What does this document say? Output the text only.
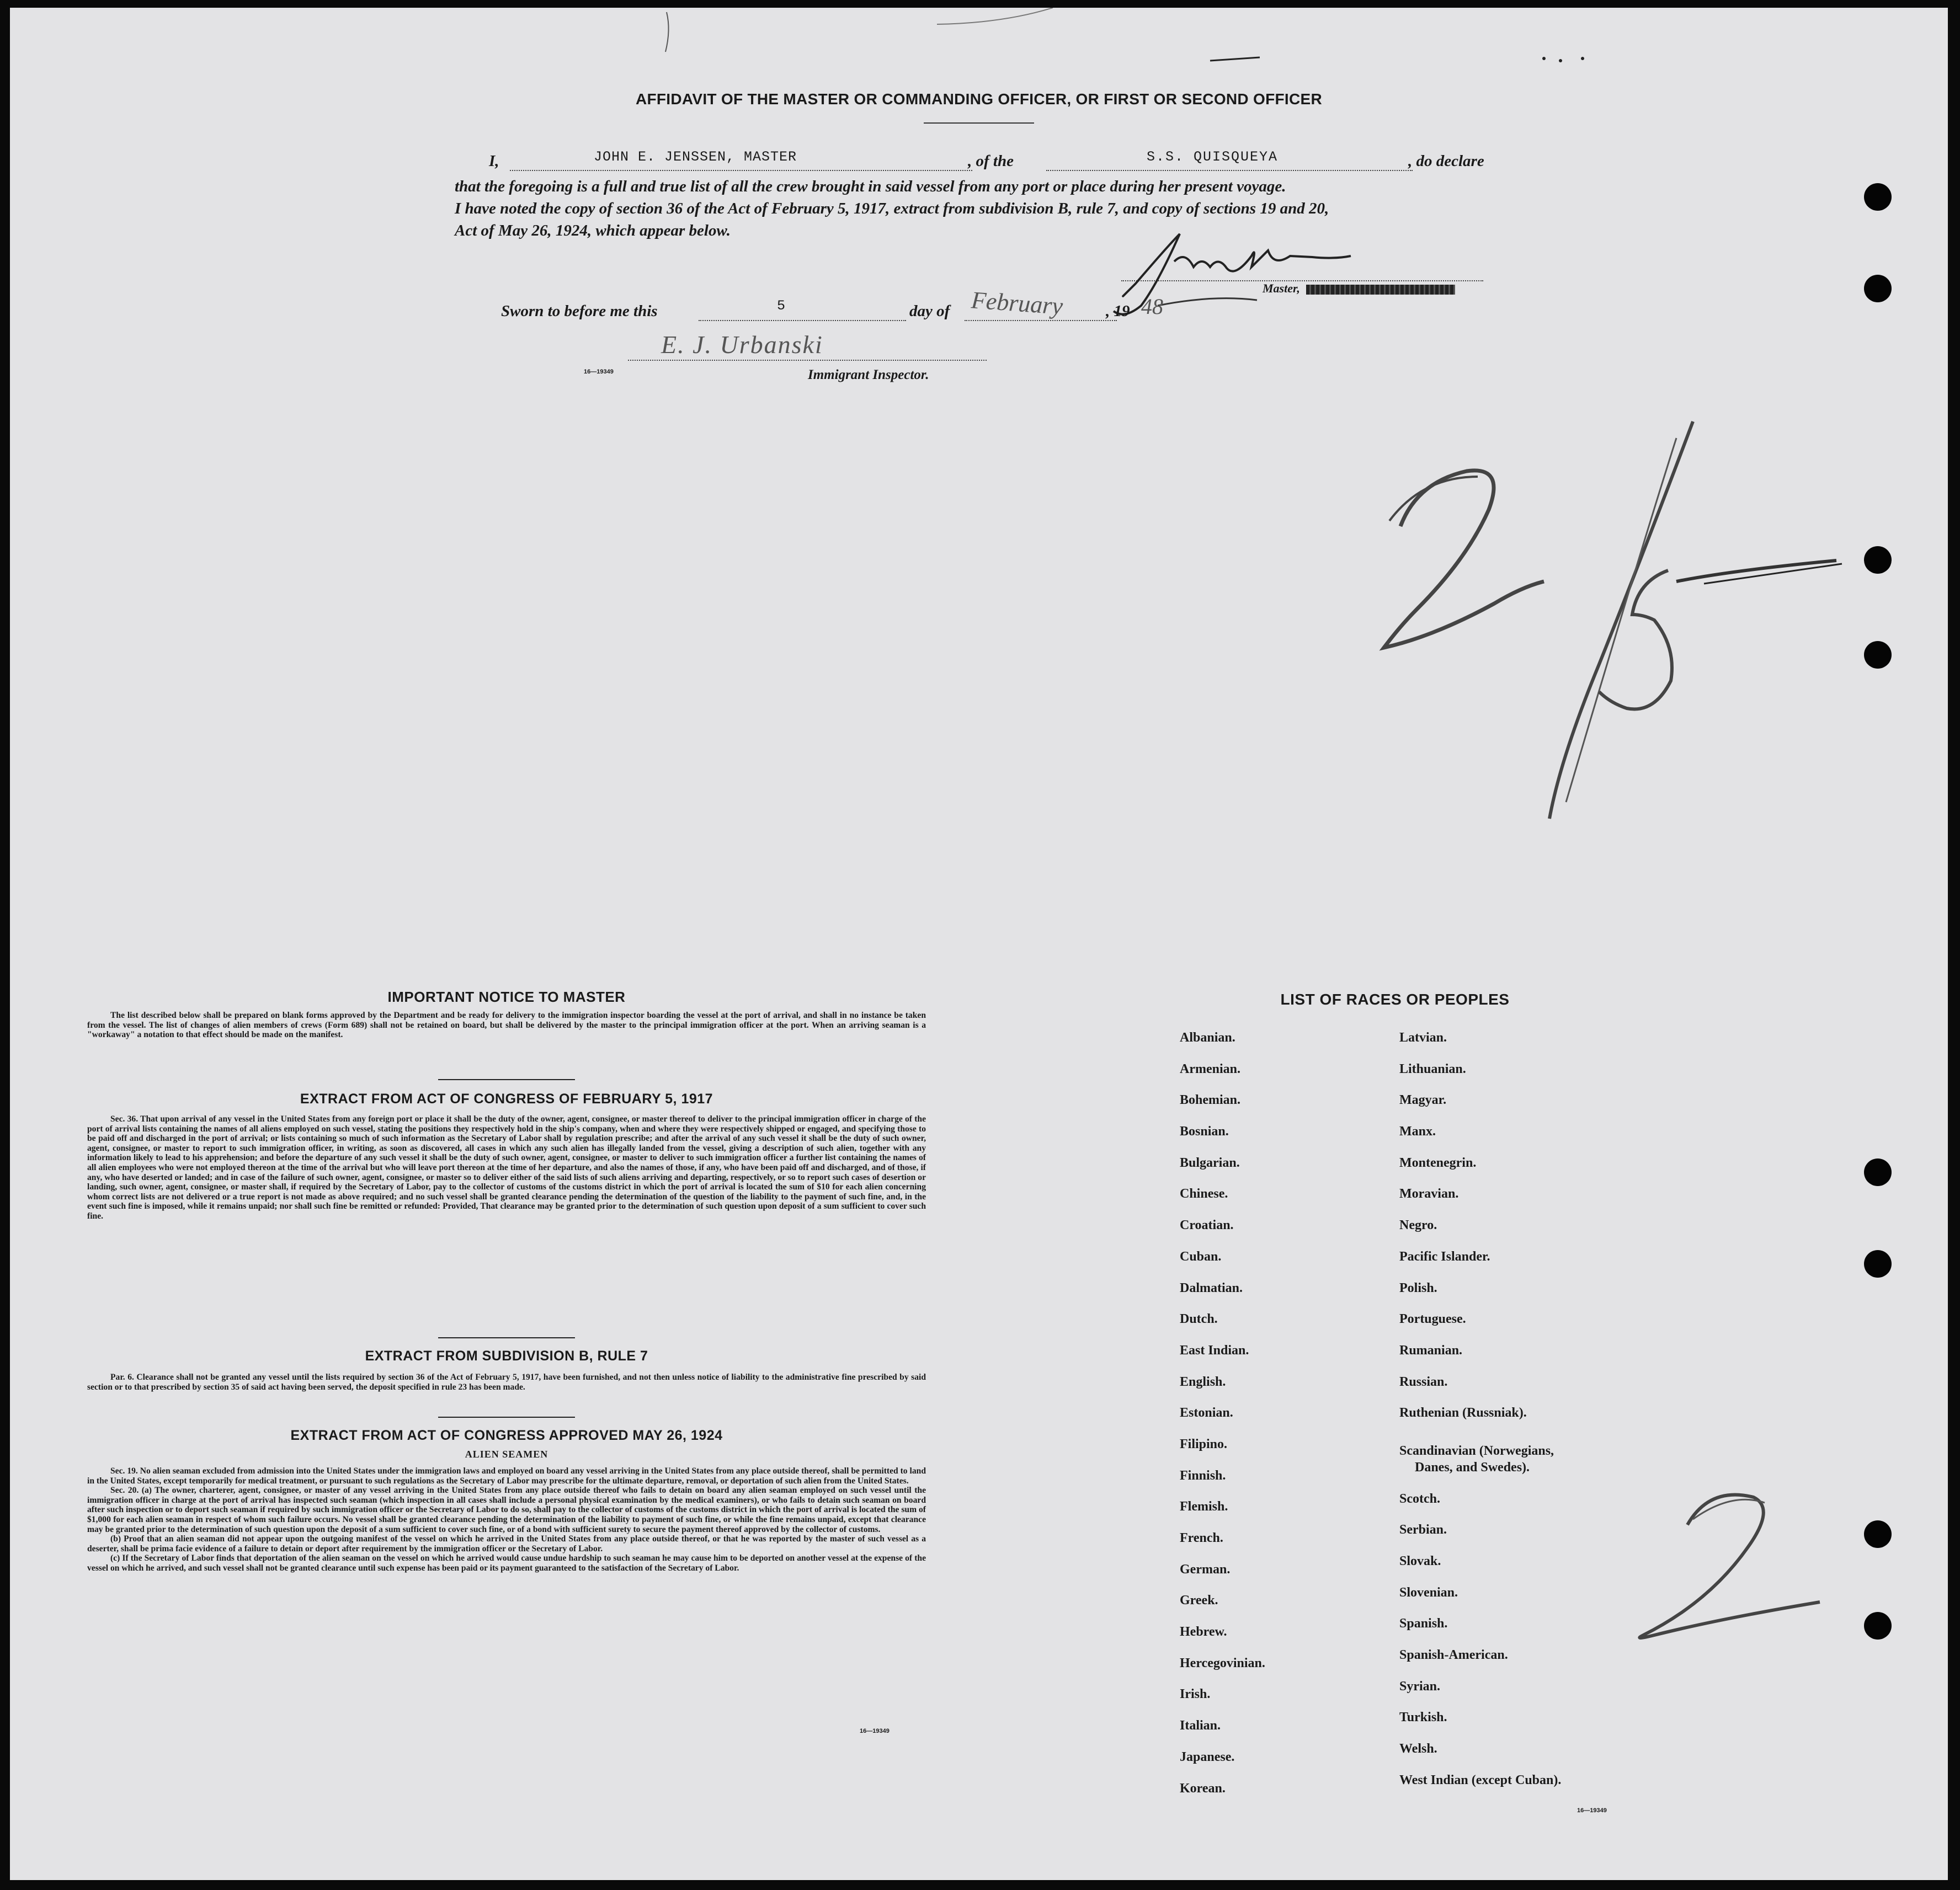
AFFIDAVIT OF THE MASTER OR COMMANDING OFFICER, OR FIRST OR SECOND OFFICER
I,	JOHN E. JENSSEN, MASTER	, of the	S.S. QUISQUEYA	, do declare
that the foregoing is a full and true list of all the crew brought in said vessel from any port or place during her present voyage.
I have noted the copy of section 36 of the Act of February 5, 1917, extract from subdivision B, rule 7, and copy of sections 19 and 20,
Act of May 26, 1924, which appear below.
Master,
Sworn to before me this	5	day of February	, 19 48
E. J. Urbanski
16—19349	Immigrant Inspector.
IMPORTANT NOTICE TO MASTER

The list described below shall be prepared on blank forms approved by the Department and be ready for delivery to the immigration inspector boarding the vessel at the port of arrival, and shall in no instance be taken from the vessel. The list of changes of alien members of crews (Form 689) shall not be retained on board, but shall be delivered by the master to the principal immigration officer at the port. When an arriving seaman is a "workaway" a notation to that effect should be made on the manifest.

EXTRACT FROM ACT OF CONGRESS OF FEBRUARY 5, 1917

Sec. 36. That upon arrival of any vessel in the United States from any foreign port or place it shall be the duty of the owner, agent, consignee, or master thereof to deliver to the principal immigration officer in charge of the port of arrival lists containing the names of all aliens employed on such vessel, stating the positions they respectively hold in the ship's company, when and where they were respectively shipped or engaged, and specifying those to be paid off and discharged in the port of arrival; or lists containing so much of such information as the Secretary of Labor shall by regulation prescribe; and after the arrival of any such vessel it shall be the duty of such owner, agent, consignee, or master to report to such immigration officer, in writing, as soon as discovered, all cases in which any such alien has illegally landed from the vessel, giving a description of such alien, together with any information likely to lead to his apprehension; and before the departure of any such vessel it shall be the duty of such owner, agent, consignee, or master to deliver to such immigration officer a further list containing the names of all alien employees who were not employed thereon at the time of the arrival but who will leave port thereon at the time of her departure, and also the names of those, if any, who have been paid off and discharged, and of those, if any, who have deserted or landed; and in case of the failure of such owner, agent, consignee, or master so to deliver either of the said lists of such aliens arriving and departing, respectively, or so to report such cases of desertion or landing, such owner, agent, consignee, or master shall, if required by the Secretary of Labor, pay to the collector of customs of the customs district in which the port of arrival is located the sum of $10 for each alien concerning whom correct lists are not delivered or a true report is not made as above required; and no such vessel shall be granted clearance pending the determination of the question of the liability to the payment of such fine, and, in the event such fine is imposed, while it remains unpaid; nor shall such fine be remitted or refunded: Provided, That clearance may be granted prior to the determination of such question upon deposit of a sum sufficient to cover such fine.

EXTRACT FROM SUBDIVISION B, RULE 7

Par. 6. Clearance shall not be granted any vessel until the lists required by section 36 of the Act of February 5, 1917, have been furnished, and not then unless notice of liability to the administrative fine prescribed by said section or to that prescribed by section 35 of said act having been served, the deposit specified in rule 23 has been made.

EXTRACT FROM ACT OF CONGRESS APPROVED MAY 26, 1924
ALIEN SEAMEN

Sec. 19. No alien seaman excluded from admission into the United States under the immigration laws and employed on board any vessel arriving in the United States from any place outside thereof, shall be permitted to land in the United States, except temporarily for medical treatment, or pursuant to such regulations as the Secretary of Labor may prescribe for the ultimate departure, removal, or deportation of such alien from the United States.

Sec. 20. (a) The owner, charterer, agent, consignee, or master of any vessel arriving in the United States from any place outside thereof who fails to detain on board any alien seaman employed on such vessel until the immigration officer in charge at the port of arrival has inspected such seaman (which inspection in all cases shall include a personal physical examination by the medical examiners), or who fails to detain such seaman on board after such inspection or to deport such seaman if required by such immigration officer or the Secretary of Labor to do so, shall pay to the collector of customs of the customs district in which the port of arrival is located the sum of $1,000 for each alien seaman in respect of whom such failure occurs. No vessel shall be granted clearance pending the determination of the liability to payment of such fine, or while the fine remains unpaid, except that clearance may be granted prior to the determination of such question upon the deposit of a sum sufficient to cover such fine, or of a bond with sufficient surety to secure the payment thereof approved by the collector of customs.

(b) Proof that an alien seaman did not appear upon the outgoing manifest of the vessel on which he arrived in the United States from any place outside thereof, or that he was reported by the master of such vessel as a deserter, shall be prima facie evidence of a failure to detain or deport after requirement by the immigration officer or the Secretary of Labor.

(c) If the Secretary of Labor finds that deportation of the alien seaman on the vessel on which he arrived would cause undue hardship to such seaman he may cause him to be deported on another vessel at the expense of the vessel on which he arrived, and such vessel shall not be granted clearance until such expense has been paid or its payment guaranteed to the satisfaction of the Secretary of Labor.

16—19349
LIST OF RACES OR PEOPLES
Albanian.
Armenian.
Bohemian.
Bosnian.
Bulgarian.
Chinese.
Croatian.
Cuban.
Dalmatian.
Dutch.
East Indian.
English.
Estonian.
Filipino.
Finnish.
Flemish.
French.
German.
Greek.
Hebrew.
Hercegovinian.
Irish.
Italian.
Japanese.
Korean.
Latvian.
Lithuanian.
Magyar.
Manx.
Montenegrin.
Moravian.
Negro.
Pacific Islander.
Polish.
Portuguese.
Rumanian.
Russian.
Ruthenian (Russniak).
Scandinavian (Norwegians,
Danes, and Swedes).
Scotch.
Serbian.
Slovak.
Slovenian.
Spanish.
Spanish-American.
Syrian.
Turkish.
Welsh.
West Indian (except Cuban).
16—19349
